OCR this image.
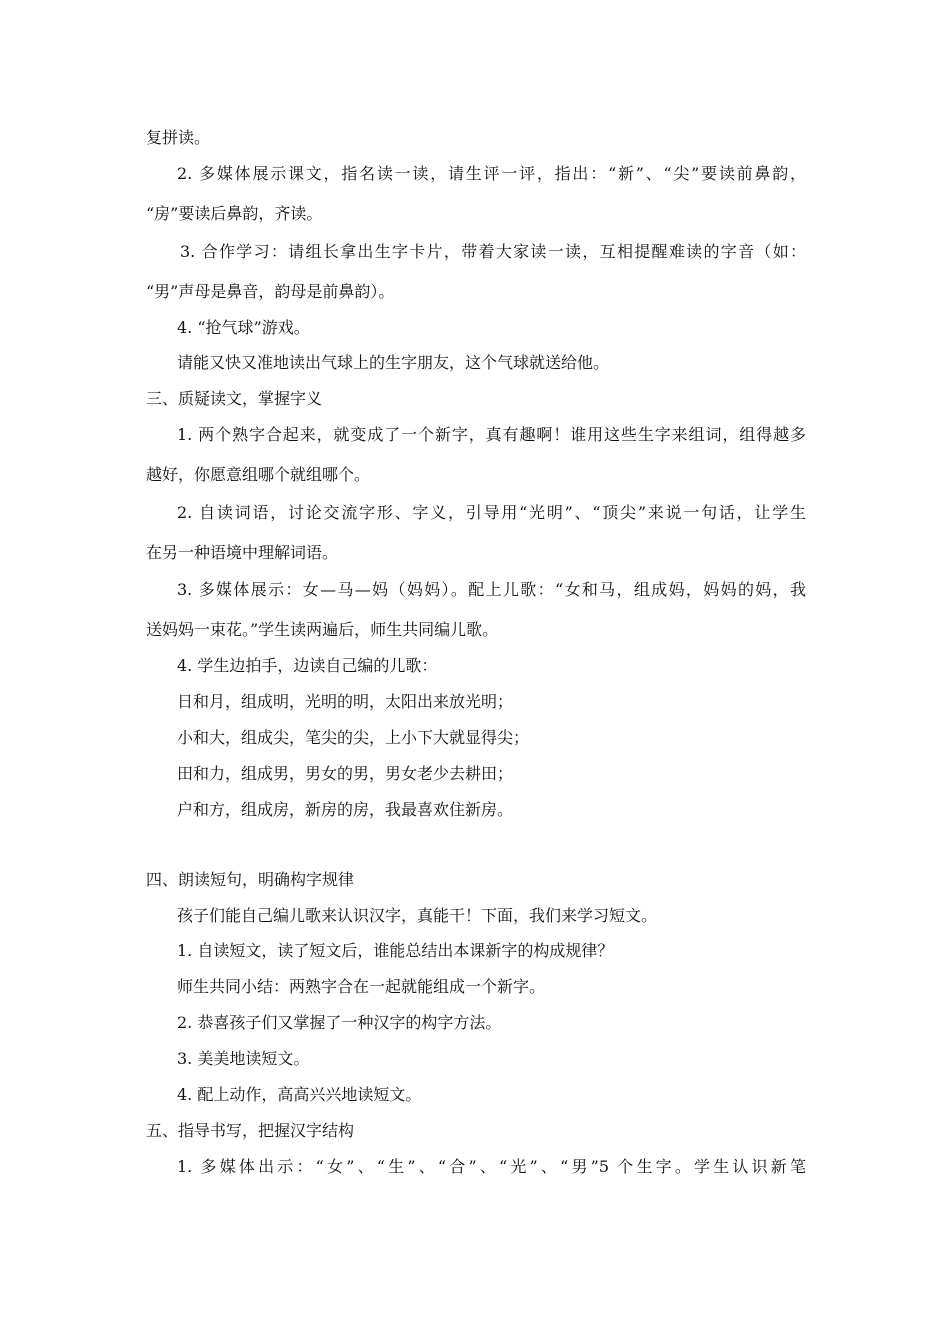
复拼读。
2. 多媒体展示课文，指名读一读，请生评一评，指出：“新”、“尖”要读前鼻韵，
“房”要读后鼻韵，齐读。
3. 合作学习：请组长拿出生字卡片，带着大家读一读，互相提醒难读的字音（如：
“男”声母是鼻音，韵母是前鼻韵）。
4. “抢气球”游戏。
请能又快又准地读出气球上的生字朋友，这个气球就送给他。
三、质疑读文，掌握字义
1. 两个熟字合起来，就变成了一个新字，真有趣啊！谁用这些生字来组词，组得越多
越好，你愿意组哪个就组哪个。
2. 自读词语，讨论交流字形、字义，引导用“光明”、“顶尖”来说一句话，让学生
在另一种语境中理解词语。
3. 多媒体展示：女—马—妈（妈妈）。配上儿歌：“女和马，组成妈，妈妈的妈，我
送妈妈一束花。”学生读两遍后，师生共同编儿歌。
4. 学生边拍手，边读自己编的儿歌：
日和月，组成明，光明的明，太阳出来放光明；
小和大，组成尖，笔尖的尖，上小下大就显得尖；
田和力，组成男，男女的男，男女老少去耕田；
户和方，组成房，新房的房，我最喜欢住新房。
四、朗读短句，明确构字规律
孩子们能自己编儿歌来认识汉字，真能干！下面，我们来学习短文。
1. 自读短文，读了短文后，谁能总结出本课新字的构成规律？
师生共同小结：两熟字合在一起就能组成一个新字。
2. 恭喜孩子们又掌握了一种汉字的构字方法。
3. 美美地读短文。
4. 配上动作，高高兴兴地读短文。
五、指导书写，把握汉字结构
1. 多媒体出示：“女”、“生”、“合”、“光”、“男”5 个生字。学生认识新笔
